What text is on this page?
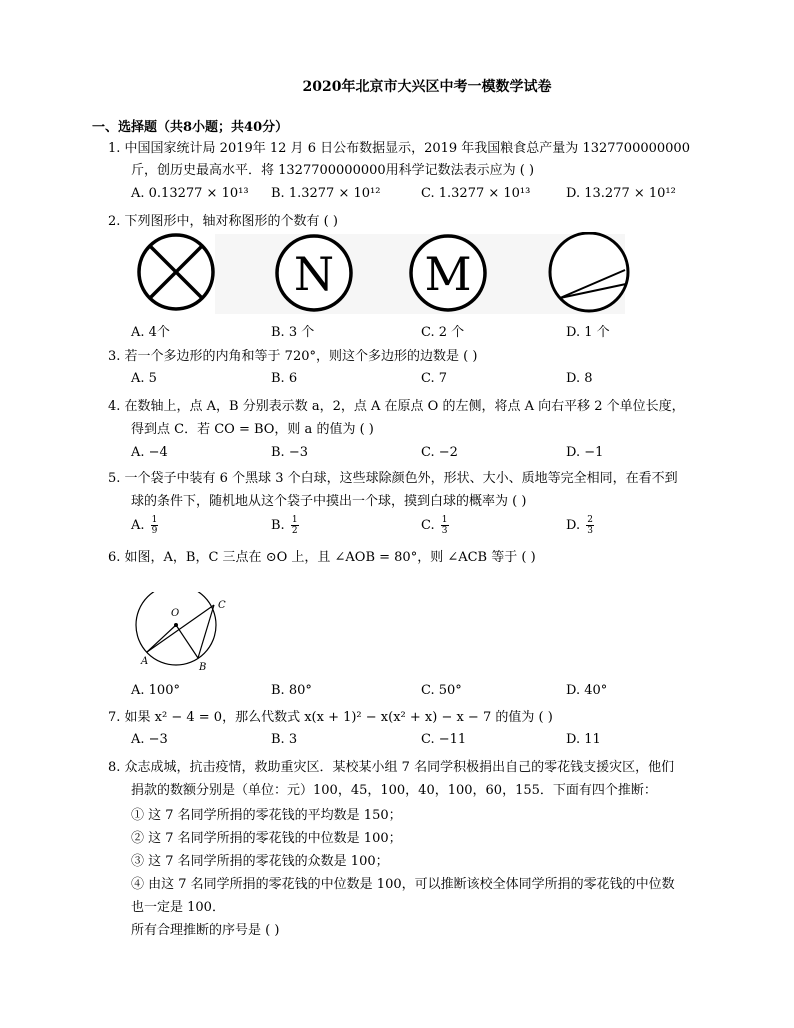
2020年北京市大兴区中考一模数学试卷
一、选择题（共8小题；共40分）
1. 中国国家统计局 2019年 12 月 6 日公布数据显示，2019 年我国粮食总产量为 1327700000000
斤，创历史最高水平．将 1327700000000用科学记数法表示应为 ( )
A. 0.13277 × 10¹³ B. 1.3277 × 10¹²	C. 1.3277 × 10¹³	D. 13.277 × 10¹²
2. 下列图形中，轴对称图形的个数有 ( )
N M
A. 4个	B. 3 个	C. 2 个	D. 1 个
3. 若一个多边形的内角和等于 720°，则这个多边形的边数是 ( )
A. 5	B. 6	C. 7	D. 8
4. 在数轴上，点 A，B 分别表示数 a，2，点 A 在原点 O 的左侧，将点 A 向右平移 2 个单位长度，
得到点 C．若 CO = BO，则 a 的值为 ( )
A. −4	B. −3	C. −2	D. −1
5. 一个袋子中装有 6 个黑球 3 个白球，这些球除颜色外，形状、大小、质地等完全相同，在看不到
球的条件下，随机地从这个袋子中摸出一个球，摸到白球的概率为 ( )
A. $\frac{1}{9}$	B. $\frac{1}{2}$	C. $\frac{1}{3}$	D. $\frac{2}{3}$
6. 如图，A，B，C 三点在 ⊙O 上，且 ∠AOB = 80°，则 ∠ACB 等于 ( )
O
C
A
B
A. 100°	B. 80°	C. 50°	D. 40°
7. 如果 x² − 4 = 0，那么代数式 x(x + 1)² − x(x² + x) − x − 7 的值为 ( )
A. −3	B. 3	C. −11	D. 11
8. 众志成城，抗击疫情，救助重灾区．某校某小组 7 名同学积极捐出自己的零花钱支援灾区，他们
捐款的数额分别是（单位：元）100，45，100，40，100，60，155．下面有四个推断：
① 这 7 名同学所捐的零花钱的平均数是 150；
② 这 7 名同学所捐的零花钱的中位数是 100；
③ 这 7 名同学所捐的零花钱的众数是 100；
④ 由这 7 名同学所捐的零花钱的中位数是 100，可以推断该校全体同学所捐的零花钱的中位数
也一定是 100．
所有合理推断的序号是 ( )
